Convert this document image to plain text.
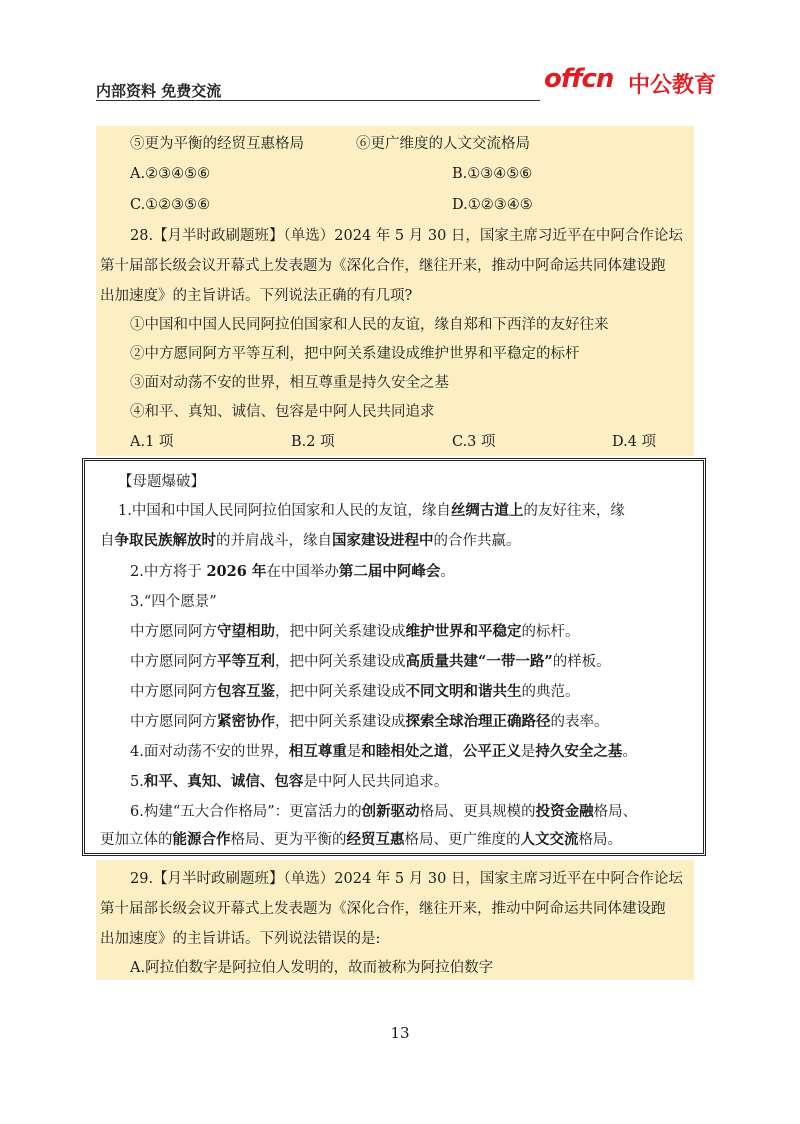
内部资料 免费交流	offcn 中公教育
⑤更为平衡的经贸互惠格局	⑥更广维度的人文交流格局
A.②③④⑤⑥	B.①③④⑤⑥
C.①②③⑤⑥	D.①②③④⑤
28.【月半时政刷题班】（单选）2024 年 5 月 30 日，国家主席习近平在中阿合作论坛
第十届部长级会议开幕式上发表题为《深化合作，继往开来，推动中阿命运共同体建设跑
出加速度》的主旨讲话。下列说法正确的有几项?
①中国和中国人民同阿拉伯国家和人民的友谊，缘自郑和下西洋的友好往来
②中方愿同阿方平等互利，把中阿关系建设成维护世界和平稳定的标杆
③面对动荡不安的世界，相互尊重是持久安全之基
④和平、真知、诚信、包容是中阿人民共同追求
A.1 项	B.2 项	C.3 项	D.4 项
【母题爆破】
1.中国和中国人民同阿拉伯国家和人民的友谊，缘自丝绸古道上的友好往来，缘
自争取民族解放时的并肩战斗，缘自国家建设进程中的合作共赢。
2.中方将于 2026 年在中国举办第二届中阿峰会。
3.“四个愿景”
中方愿同阿方守望相助，把中阿关系建设成维护世界和平稳定的标杆。
中方愿同阿方平等互利，把中阿关系建设成高质量共建“一带一路”的样板。
中方愿同阿方包容互鉴，把中阿关系建设成不同文明和谐共生的典范。
中方愿同阿方紧密协作，把中阿关系建设成探索全球治理正确路径的表率。
4.面对动荡不安的世界，相互尊重是和睦相处之道，公平正义是持久安全之基。
5.和平、真知、诚信、包容是中阿人民共同追求。
6.构建“五大合作格局”：更富活力的创新驱动格局、更具规模的投资金融格局、
更加立体的能源合作格局、更为平衡的经贸互惠格局、更广维度的人文交流格局。
29.【月半时政刷题班】（单选）2024 年 5 月 30 日，国家主席习近平在中阿合作论坛
第十届部长级会议开幕式上发表题为《深化合作，继往开来，推动中阿命运共同体建设跑
出加速度》的主旨讲话。下列说法错误的是:
A.阿拉伯数字是阿拉伯人发明的，故而被称为阿拉伯数字
13
